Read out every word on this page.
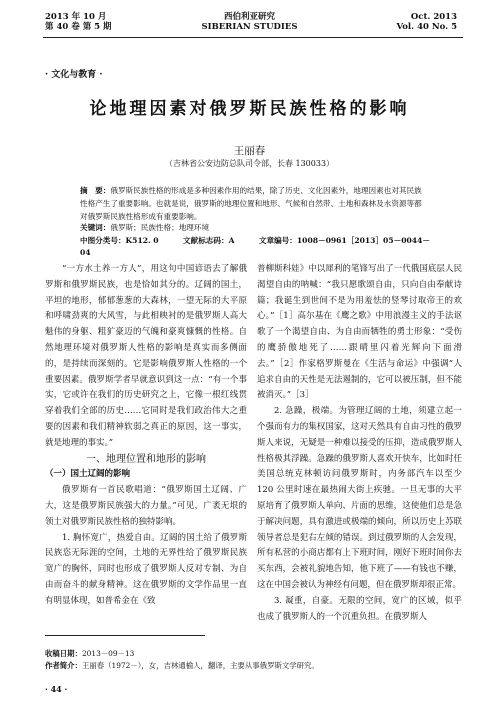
2013 年 10 月
第 40 卷 第 5 期
西伯利亚研究
SIBERIAN STUDIES
Oct. 2013
Vol. 40 No. 5
· 文化与教育 ·
论地理因素对俄罗斯民族性格的影响
王丽春
（吉林省公安边防总队司令部，长春 130033）
摘　要：俄罗斯民族性格的形成是多种因素作用的结果，除了历史、文化因素外，地理因素也对其民族性格产生了重要影响。也就是说，俄罗斯的地理位置和地形、气候和自然带、土地和森林及水资源等都对俄罗斯民族性格形成有重要影响。
关键词：俄罗斯；民族性格；地理环境
中图分类号：K512. 0	文献标志码：A	文章编号：1008－0961［2013］05－0044－04

“一方水土养一方人”，用这句中国谚语去了解俄罗斯和俄罗斯民族，也是恰如其分的。辽阔的国土，平坦的地形，郁郁葱葱的大森林，一望无际的大平原和呼啸劲爽的大风雪，与此相映衬的是俄罗斯人高大魁伟的身躯、粗犷豪迈的气魄和豪爽慷慨的性格。自然地理环境对俄罗斯人性格的影响是真实而多侧面的，是持续而深刻的。它是影响俄罗斯人性格的一个重要因素。俄罗斯学者早就意识到这一点：“有一个事实，它或许在我们的历史研究之上，它像一根红线贯穿着我们全部的历史……它同时是我们政治伟大之重要的因素和我们精神软弱之真正的原因，这一事实，就是地理的事实。”

一、地理位置和地形的影响

（一）国土辽阔的影响

俄罗斯有一首民歌唱道：“俄罗斯国土辽阔、广大，这是俄罗斯民族强大的力量。”可见，广袤无垠的领土对俄罗斯民族性格的独特影响。

1. 胸怀宽广，热爱自由。辽阔的国土给了俄罗斯民族恣无际涯的空间，土地的无界性给了俄罗斯民族宽广的胸怀，同时也形成了俄罗斯人反对专制、为自由而奋斗的献身精神。这在俄罗斯的文学作品里一直有明显体现，如普希金在《致

普柳斯科娃》中以犀利的笔锋写出了一代俄国底层人民渴望自由的呐喊：“我只愿歌颂自由，只向自由奉献诗篇；我诞生到世间不是为用羞怯的竖琴讨取帝王的欢心。”［1］高尔基在《鹰之歌》中用浪漫主义的手法讴歌了一个渴望自由、为自由而牺牲的勇士形象：“受伤的鹰骄傲地死了……跟晴里闪着光辉向下面滑去。”［2］作家格罗斯曼在《生活与命运》中强调“人追求自由的天性是无法遏制的，它可以被压制，但不能被消灭。”［3］

2. 急躁，极端。为管理辽阔的土地，须建立起一个强而有力的集权国家，这对天然具有自由习性的俄罗斯人来说，无疑是一种难以接受的压抑，造成俄罗斯人性格极其浮躁。急躁的俄罗斯人喜欢开快车，比如时任美国总统克林顿访问俄罗斯时，内务部汽车以至少 120 公里时速在最热闹大街上疾驰。一旦无事的大平原培育了俄罗斯人单向、片面的思维，这使他们总是急于解决问题，具有激进或极端的倾向，所以历史上苏联领导者总是犯右左倾的错误。到过俄罗斯的人会发现，所有私营的小商店都有上下班时间，刚好下班时间你去买东西，会被礼貌地告知，他下班了——有钱也不赚，这在中国会被认为神经有问题，但在俄罗斯却很正常。

3. 凝重，自豪。无限的空间，宽广的区域，似乎也成了俄罗斯人的一个沉重负担。在俄罗斯人

收稿日期：2013－09－13
作者简介：王丽春（1972－），女，吉林通榆人，翻译，主要从事俄罗斯文学研究。
· 44 ·
